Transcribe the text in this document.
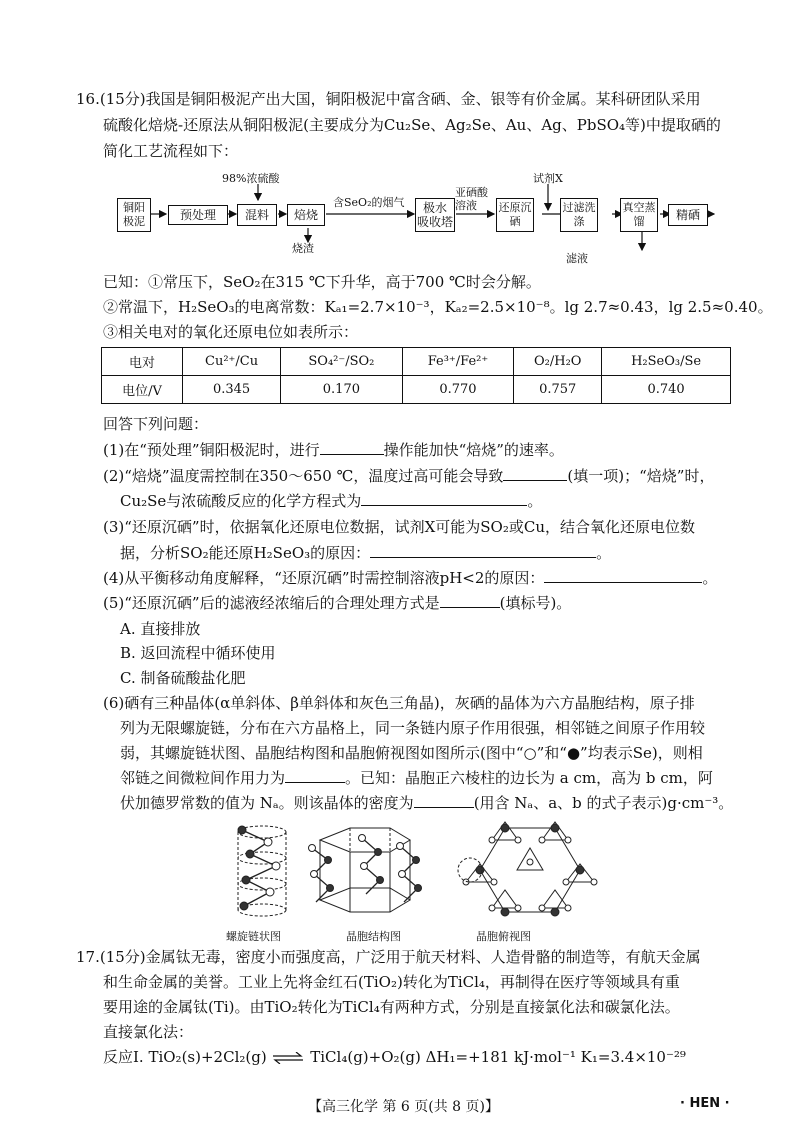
16.(15分)我国是铜阳极泥产出大国，铜阳极泥中富含硒、金、银等有价金属。某科研团队采用
硫酸化焙烧-还原法从铜阳极泥(主要成分为Cu₂Se、Ag₂Se、Au、Ag、PbSO₄等)中提取硒的
简化工艺流程如下：
铜阳极泥	预处理	混料	焙烧	极水
吸收塔
还原沉硒
过滤洗涤
真空蒸馏	精硒
98%浓硫酸
含SeO₂的烟气
亚硒酸溶液
试剂X
烧渣
滤液
已知：①常压下，SeO₂在315 ℃下升华，高于700 ℃时会分解。
②常温下，H₂SeO₃的电离常数：Kₐ₁=2.7×10⁻³，Kₐ₂=2.5×10⁻⁸。lg 2.7≈0.43，lg 2.5≈0.40。
③相关电对的氧化还原电位如表所示：
电对	Cu²⁺/Cu	SO₄²⁻/SO₂	Fe³⁺/Fe²⁺	O₂/H₂O	H₂SeO₃/Se
电位/V	0.345	0.170	0.770	0.757	0.740
回答下列问题：
(1)在“预处理”铜阳极泥时，进行	操作能加快“焙烧”的速率。
(2)“焙烧”温度需控制在350～650 ℃，温度过高可能会导致	(填一项)；“焙烧”时，
Cu₂Se与浓硫酸反应的化学方程式为	。
(3)“还原沉硒”时，依据氧化还原电位数据，试剂X可能为SO₂或Cu，结合氧化还原电位数
据，分析SO₂能还原H₂SeO₃的原因：	。
(4)从平衡移动角度解释，“还原沉硒”时需控制溶液pH<2的原因：	。
(5)“还原沉硒”后的滤液经浓缩后的合理处理方式是	(填标号)。
A. 直接排放
B. 返回流程中循环使用
C. 制备硫酸盐化肥
(6)硒有三种晶体(α单斜体、β单斜体和灰色三角晶)，灰硒的晶体为六方晶胞结构，原子排
列为无限螺旋链，分布在六方晶格上，同一条链内原子作用很强，相邻链之间原子作用较
弱，其螺旋链状图、晶胞结构图和晶胞俯视图如图所示(图中“○”和“●”均表示Se)，则相
邻链之间微粒间作用力为	。已知：晶胞正六棱柱的边长为 a cm，高为 b cm，阿
伏加德罗常数的值为 Nₐ。则该晶体的密度为	(用含 Nₐ、a、b 的式子表示)g·cm⁻³。
螺旋链状图	晶胞结构图	晶胞俯视图
17.(15分)金属钛无毒，密度小而强度高，广泛用于航天材料、人造骨骼的制造等，有航天金属
和生命金属的美誉。工业上先将金红石(TiO₂)转化为TiCl₄，再制得在医疗等领域具有重
要用途的金属钛(Ti)。由TiO₂转化为TiCl₄有两种方式，分别是直接氯化法和碳氯化法。
直接氯化法：
反应Ⅰ. TiO₂(s)+2Cl₂(g) ⇌ TiCl₄(g)+O₂(g) ΔH₁=+181 kJ·mol⁻¹ K₁=3.4×10⁻²⁹
【高三化学 第 6 页(共 8 页)】	· HEN ·
